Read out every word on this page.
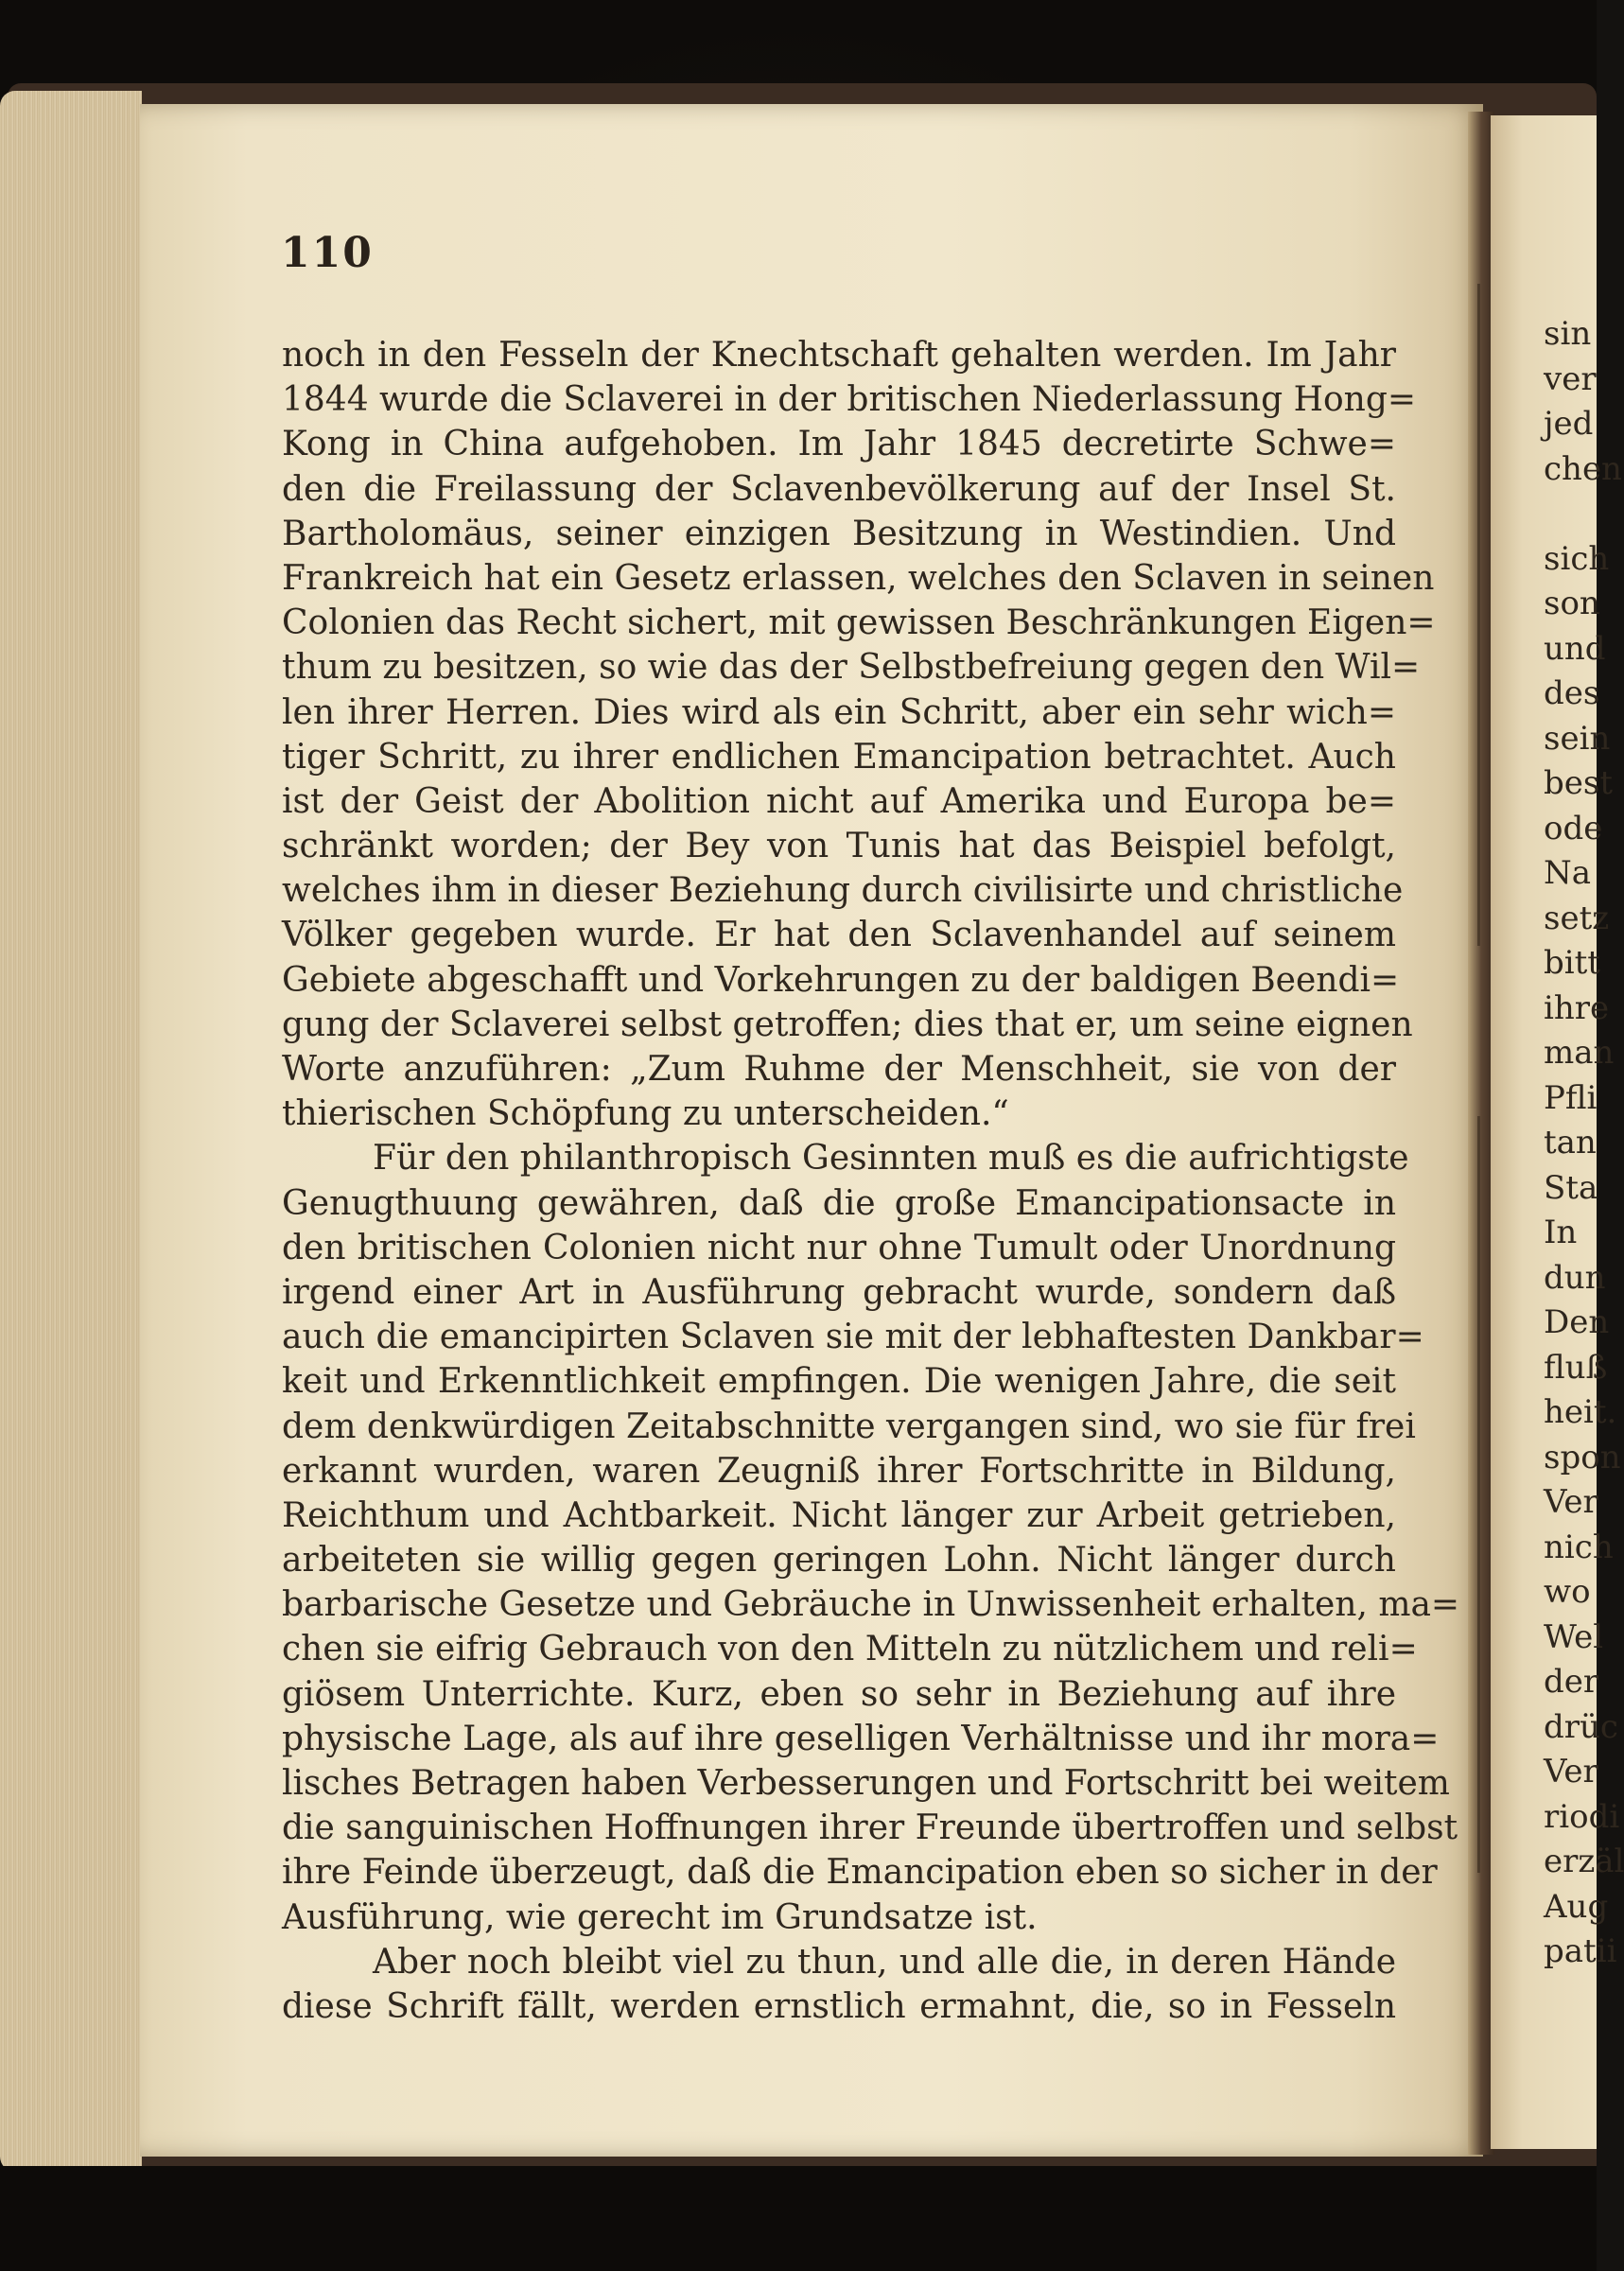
110
noch in den Fesseln der Knechtschaft gehalten werden. Im Jahr
1844 wurde die Sclaverei in der britischen Niederlassung Hong=
Kong in China aufgehoben. Im Jahr 1845 decretirte Schwe=
den die Freilassung der Sclavenbevölkerung auf der Insel St.
Bartholomäus, seiner einzigen Besitzung in Westindien. Und
Frankreich hat ein Gesetz erlassen, welches den Sclaven in seinen
Colonien das Recht sichert, mit gewissen Beschränkungen Eigen=
thum zu besitzen, so wie das der Selbstbefreiung gegen den Wil=
len ihrer Herren. Dies wird als ein Schritt, aber ein sehr wich=
tiger Schritt, zu ihrer endlichen Emancipation betrachtet. Auch
ist der Geist der Abolition nicht auf Amerika und Europa be=
schränkt worden; der Bey von Tunis hat das Beispiel befolgt,
welches ihm in dieser Beziehung durch civilisirte und christliche
Völker gegeben wurde. Er hat den Sclavenhandel auf seinem
Gebiete abgeschafft und Vorkehrungen zu der baldigen Beendi=
gung der Sclaverei selbst getroffen; dies that er, um seine eignen
Worte anzuführen: „Zum Ruhme der Menschheit, sie von der
thierischen Schöpfung zu unterscheiden.“
Für den philanthropisch Gesinnten muß es die aufrichtigste
Genugthuung gewähren, daß die große Emancipationsacte in
den britischen Colonien nicht nur ohne Tumult oder Unordnung
irgend einer Art in Ausführung gebracht wurde, sondern daß
auch die emancipirten Sclaven sie mit der lebhaftesten Dankbar=
keit und Erkenntlichkeit empfingen. Die wenigen Jahre, die seit
dem denkwürdigen Zeitabschnitte vergangen sind, wo sie für frei
erkannt wurden, waren Zeugniß ihrer Fortschritte in Bildung,
Reichthum und Achtbarkeit. Nicht länger zur Arbeit getrieben,
arbeiteten sie willig gegen geringen Lohn. Nicht länger durch
barbarische Gesetze und Gebräuche in Unwissenheit erhalten, ma=
chen sie eifrig Gebrauch von den Mitteln zu nützlichem und reli=
giösem Unterrichte. Kurz, eben so sehr in Beziehung auf ihre
physische Lage, als auf ihre geselligen Verhältnisse und ihr mora=
lisches Betragen haben Verbesserungen und Fortschritt bei weitem
die sanguinischen Hoffnungen ihrer Freunde übertroffen und selbst
ihre Feinde überzeugt, daß die Emancipation eben so sicher in der
Ausführung, wie gerecht im Grundsatze ist.
Aber noch bleibt viel zu thun, und alle die, in deren Hände
diese Schrift fällt, werden ernstlich ermahnt, die, so in Fesseln
sin
ver
jed
chen
sich
son
und
des
sein
best
ode
Na
setz
bitt
ihre
man
Pfli
tan
Sta
In
dun
Den
fluß
heit.
spon
Ver
nich
wo
Wel
der
drüc
Ver
riodi
erzäl
Aug
patii
